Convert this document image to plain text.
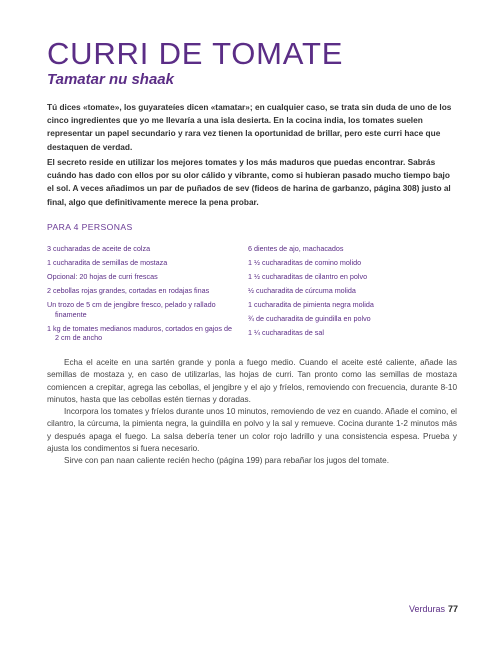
CURRI DE TOMATE
Tamatar nu shaak

Tú dices «tomate», los guyarateíes dicen «tamatar»; en cualquier caso, se trata sin duda de uno de los cinco ingredientes que yo me llevaría a una isla desierta. En la cocina india, los tomates suelen representar un papel secundario y rara vez tienen la oportunidad de brillar, pero este curri hace que destaquen de verdad.

El secreto reside en utilizar los mejores tomates y los más maduros que puedas encontrar. Sabrás cuándo has dado con ellos por su olor cálido y vibrante, como si hubieran pasado mucho tiempo bajo el sol. A veces añadimos un par de puñados de sev (fideos de harina de garbanzo, página 308) justo al final, algo que definitivamente merece la pena probar.

PARA 4 PERSONAS
3 cucharadas de aceite de colza
1 cucharadita de semillas de mostaza
Opcional: 20 hojas de curri frescas
2 cebollas rojas grandes, cortadas en rodajas finas
Un trozo de 5 cm de jengibre fresco, pelado y rallado finamente
1 kg de tomates medianos maduros, cortados en gajos de 2 cm de ancho
6 dientes de ajo, machacados
1 ½ cucharaditas de comino molido
1 ½ cucharaditas de cilantro en polvo
½ cucharadita de cúrcuma molida
1 cucharadita de pimienta negra molida
¾ de cucharadita de guindilla en polvo
1 ¼ cucharaditas de sal

Echa el aceite en una sartén grande y ponla a fuego medio. Cuando el aceite esté caliente, añade las semillas de mostaza y, en caso de utilizarlas, las hojas de curri. Tan pronto como las semillas de mostaza comiencen a crepitar, agrega las cebollas, el jengibre y el ajo y fríelos, removiendo con frecuencia, durante 8-10 minutos, hasta que las cebollas estén tiernas y doradas.

Incorpora los tomates y fríelos durante unos 10 minutos, removiendo de vez en cuando. Añade el comino, el cilantro, la cúrcuma, la pimienta negra, la guindilla en polvo y la sal y remueve. Cocina durante 1-2 minutos más y después apaga el fuego. La salsa debería tener un color rojo ladrillo y una consistencia espesa. Prueba y ajusta los condimentos si fuera necesario.

Sirve con pan naan caliente recién hecho (página 199) para rebañar los jugos del tomate.

Verduras 77
